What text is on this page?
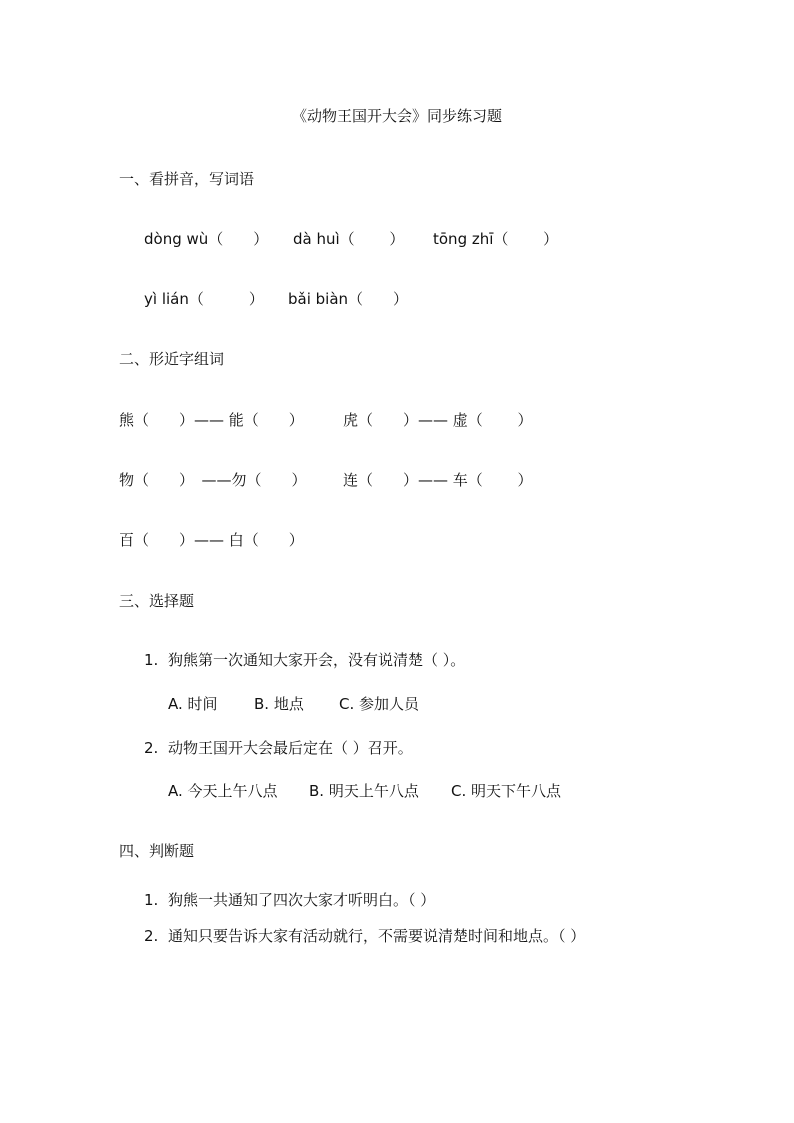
《动物王国开大会》同步练习题
一、看拼音，写词语
dòng wù（　　） dà huì（　　 ） tōng zhī（　　 ）
yì lián（　　　） bǎi biàn（　　）
二、形近字组词
熊（　　）—— 能（　　）	虎（　　）—— 虚（　　 ）
物（　　）　——勿（　　） 连（　　）—— 车（　　 ）
百（　　）—— 白（　　）
三、选择题
1. 狗熊第一次通知大家开会，没有说清楚（ ）。
A. 时间 B. 地点 C. 参加人员
2. 动物王国开大会最后定在（ ）召开。
A. 今天上午八点 B. 明天上午八点 C. 明天下午八点
四、判断题
1. 狗熊一共通知了四次大家才听明白。（ ）
2. 通知只要告诉大家有活动就行，不需要说清楚时间和地点。（ ）
